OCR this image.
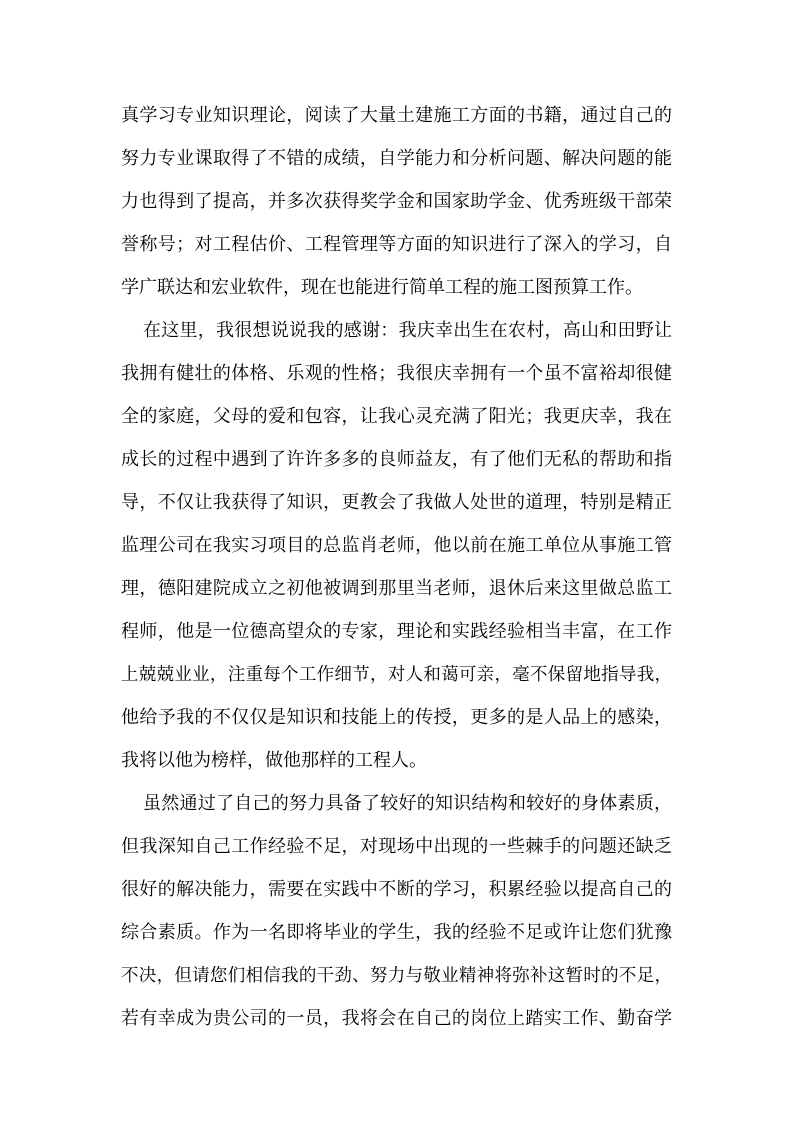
真学习专业知识理论，阅读了大量土建施工方面的书籍，通过自己的
努力专业课取得了不错的成绩，自学能力和分析问题、解决问题的能
力也得到了提高，并多次获得奖学金和国家助学金、优秀班级干部荣
誉称号；对工程估价、工程管理等方面的知识进行了深入的学习，自
学广联达和宏业软件，现在也能进行简单工程的施工图预算工作。
在这里，我很想说说我的感谢：我庆幸出生在农村，高山和田野让
我拥有健壮的体格、乐观的性格；我很庆幸拥有一个虽不富裕却很健
全的家庭，父母的爱和包容，让我心灵充满了阳光；我更庆幸，我在
成长的过程中遇到了许许多多的良师益友，有了他们无私的帮助和指
导，不仅让我获得了知识，更教会了我做人处世的道理，特别是精正
监理公司在我实习项目的总监肖老师，他以前在施工单位从事施工管
理，德阳建院成立之初他被调到那里当老师，退休后来这里做总监工
程师，他是一位德高望众的专家，理论和实践经验相当丰富，在工作
上兢兢业业，注重每个工作细节，对人和蔼可亲，毫不保留地指导我，
他给予我的不仅仅是知识和技能上的传授，更多的是人品上的感染，
我将以他为榜样，做他那样的工程人。
虽然通过了自己的努力具备了较好的知识结构和较好的身体素质，
但我深知自己工作经验不足，对现场中出现的一些棘手的问题还缺乏
很好的解决能力，需要在实践中不断的学习，积累经验以提高自己的
综合素质。作为一名即将毕业的学生，我的经验不足或许让您们犹豫
不决，但请您们相信我的干劲、努力与敬业精神将弥补这暂时的不足，
若有幸成为贵公司的一员，我将会在自己的岗位上踏实工作、勤奋学
